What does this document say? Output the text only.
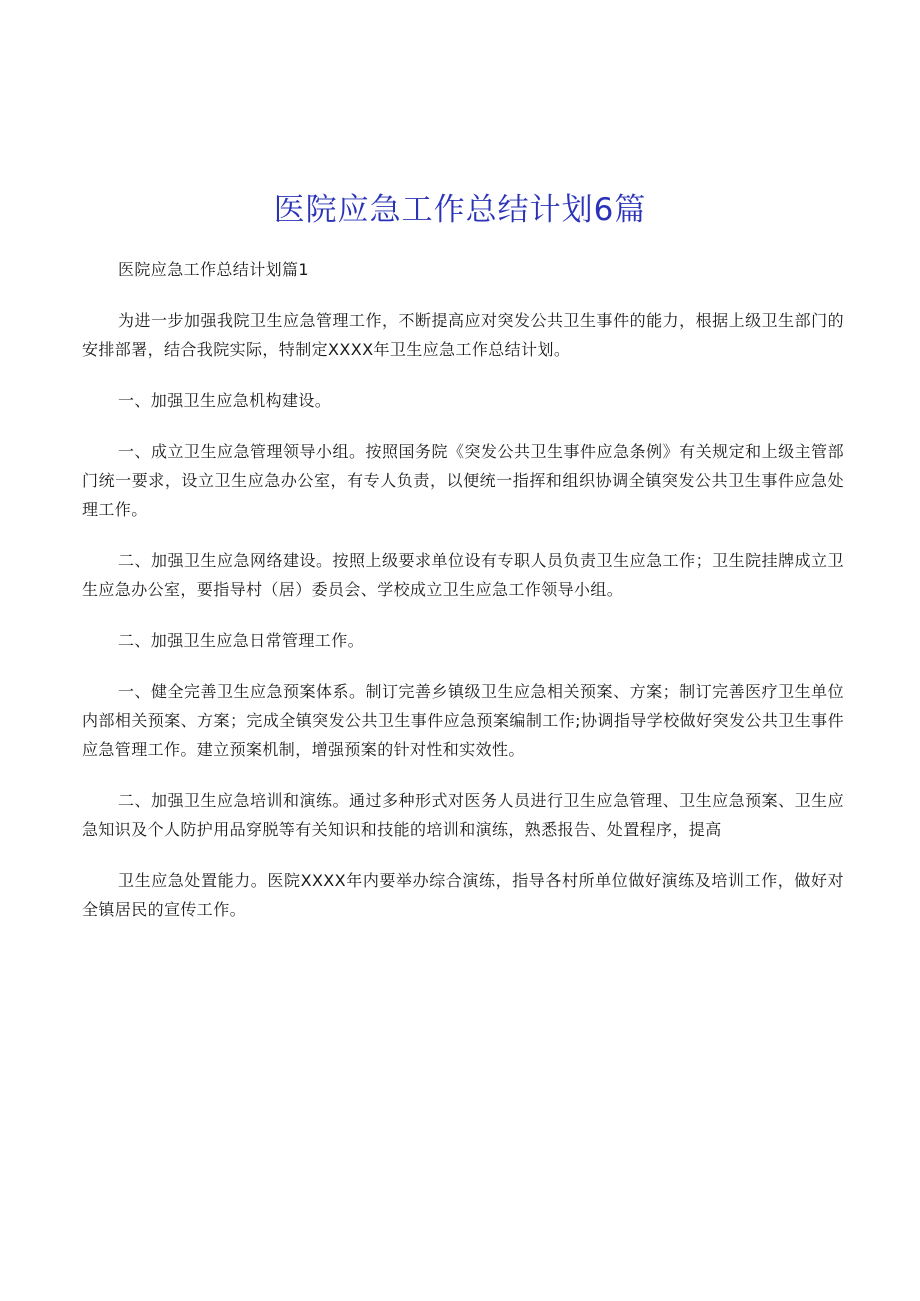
医院应急工作总结计划6篇

医院应急工作总结计划篇1

为进一步加强我院卫生应急管理工作，不断提高应对突发公共卫生事件的能力，根据上级卫生部门的安排部署，结合我院实际，特制定XXXX年卫生应急工作总结计划。

一、加强卫生应急机构建设。

一、成立卫生应急管理领导小组。按照国务院《突发公共卫生事件应急条例》有关规定和上级主管部门统一要求，设立卫生应急办公室，有专人负责，以便统一指挥和组织协调全镇突发公共卫生事件应急处理工作。

二、加强卫生应急网络建设。按照上级要求单位设有专职人员负责卫生应急工作；卫生院挂牌成立卫生应急办公室，要指导村（居）委员会、学校成立卫生应急工作领导小组。

二、加强卫生应急日常管理工作。

一、健全完善卫生应急预案体系。制订完善乡镇级卫生应急相关预案、方案；制订完善医疗卫生单位内部相关预案、方案；完成全镇突发公共卫生事件应急预案编制工作;协调指导学校做好突发公共卫生事件应急管理工作。建立预案机制，增强预案的针对性和实效性。

二、加强卫生应急培训和演练。通过多种形式对医务人员进行卫生应急管理、卫生应急预案、卫生应急知识及个人防护用品穿脱等有关知识和技能的培训和演练，熟悉报告、处置程序，提高

卫生应急处置能力。医院XXXX年内要举办综合演练，指导各村所单位做好演练及培训工作，做好对全镇居民的宣传工作。
